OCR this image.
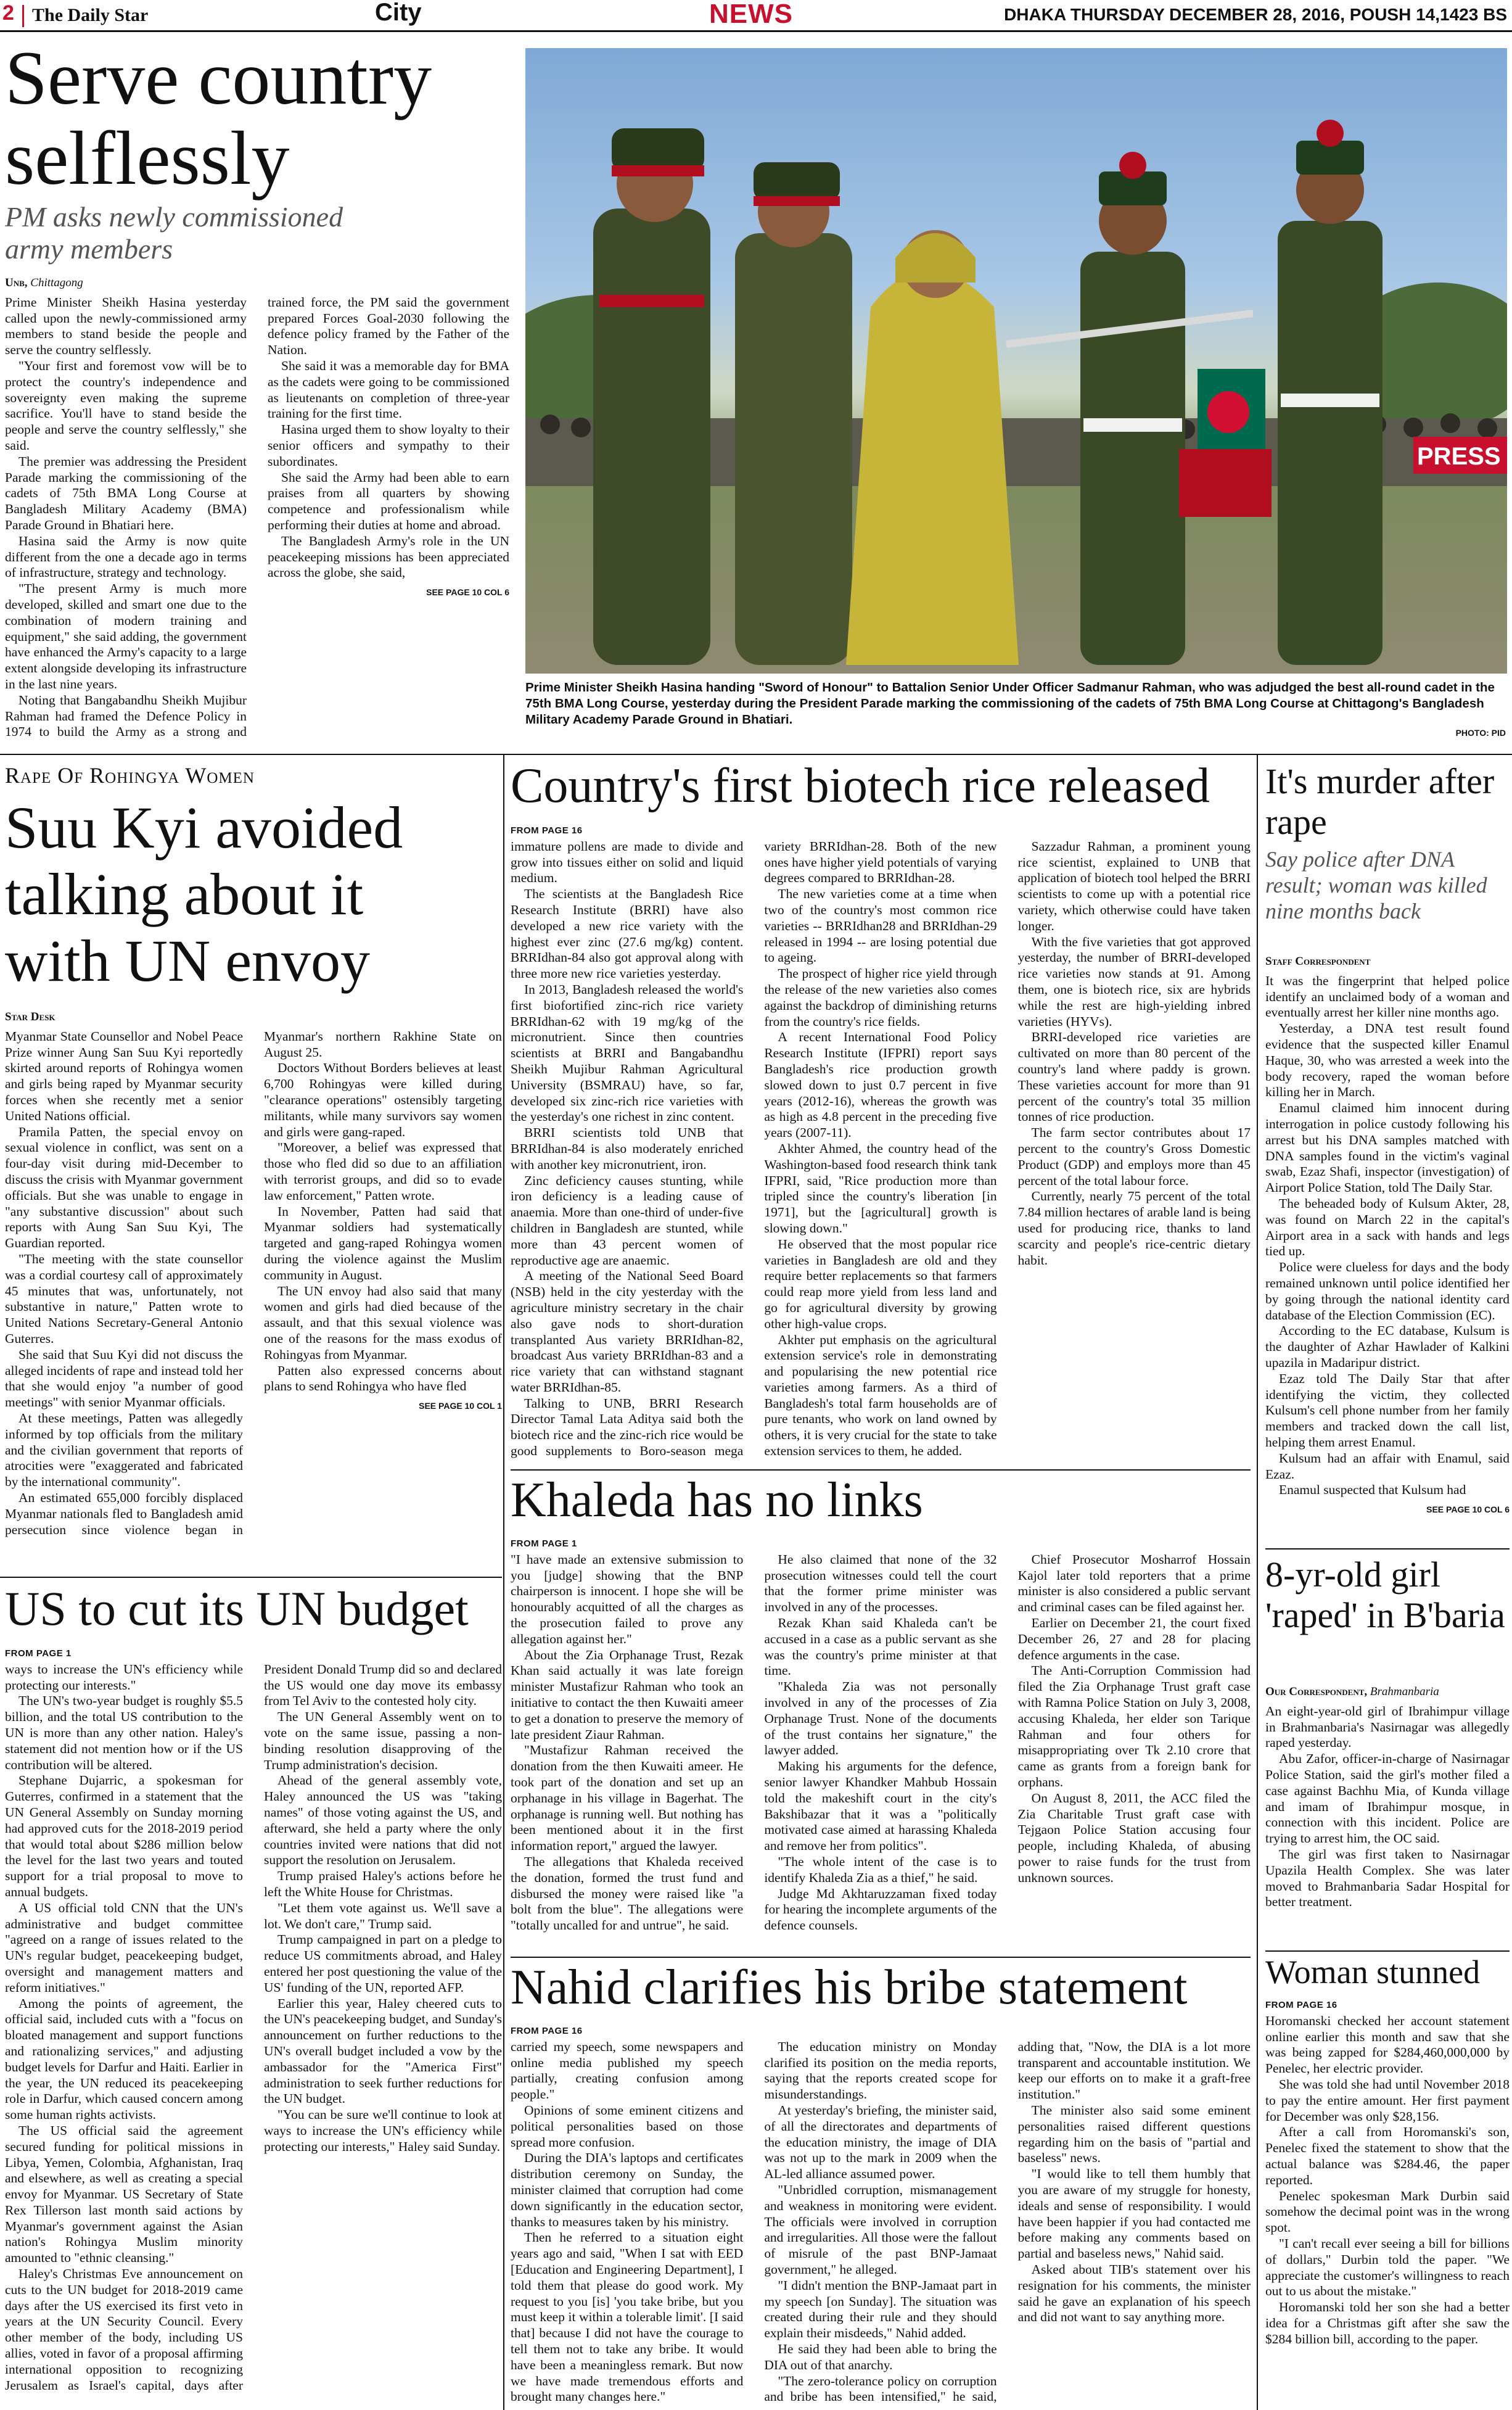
2 The Daily Star	City	NEWS	DHAKA THURSDAY DECEMBER 28, 2016, POUSH 14,1423 BS
Serve country selflessly
PM asks newly commissioned army members
Unb, Chittagong

Prime Minister Sheikh Hasina yesterday called upon the newly-commissioned army members to stand beside the people and serve the country selflessly.

"Your first and foremost vow will be to protect the country's independence and sovereignty even making the supreme sacrifice. You'll have to stand beside the people and serve the country selflessly," she said.

The premier was addressing the President Parade marking the commissioning of the cadets of 75th BMA Long Course at Bangladesh Military Academy (BMA) Parade Ground in Bhatiari here.

Hasina said the Army is now quite different from the one a decade ago in terms of infrastructure, strategy and technology.

"The present Army is much more developed, skilled and smart one due to the combination of modern training and equipment," she said adding, the government have enhanced the Army's capacity to a large extent alongside developing its infrastructure in the last nine years.

Noting that Bangabandhu Sheikh Mujibur Rahman had framed the Defence Policy in 1974 to build the Army as a strong and trained force, the PM said the government prepared Forces Goal-2030 following the defence policy framed by the Father of the Nation.

She said it was a memorable day for BMA as the cadets were going to be commissioned as lieutenants on completion of three-year training for the first time.

Hasina urged them to show loyalty to their senior officers and sympathy to their subordinates.

She said the Army had been able to earn praises from all quarters by showing competence and professionalism while performing their duties at home and abroad.

The Bangladesh Army's role in the UN peacekeeping missions has been appreciated across the globe, she said,

SEE PAGE 10 COL 6
PRESS
Prime Minister Sheikh Hasina handing "Sword of Honour" to Battalion Senior Under Officer Sadmanur Rahman, who was adjudged the best all-round cadet in the 75th BMA Long Course, yesterday during the President Parade marking the commissioning of the cadets of 75th BMA Long Course at Chittagong's Bangladesh Military Academy Parade Ground in Bhatiari.
PHOTO: PID
Rape Of Rohingya Women
Suu Kyi avoided talking about it with UN envoy
Star Desk

Myanmar State Counsellor and Nobel Peace Prize winner Aung San Suu Kyi reportedly skirted around reports of Rohingya women and girls being raped by Myanmar security forces when she recently met a senior United Nations official.

Pramila Patten, the special envoy on sexual violence in conflict, was sent on a four-day visit during mid-December to discuss the crisis with Myanmar government officials. But she was unable to engage in "any substantive discussion" about such reports with Aung San Suu Kyi, The Guardian reported.

"The meeting with the state counsellor was a cordial courtesy call of approximately 45 minutes that was, unfortunately, not substantive in nature," Patten wrote to United Nations Secretary-General Antonio Guterres.

She said that Suu Kyi did not discuss the alleged incidents of rape and instead told her that she would enjoy "a number of good meetings" with senior Myanmar officials.

At these meetings, Patten was allegedly informed by top officials from the military and the civilian government that reports of atrocities were "exaggerated and fabricated by the international community".

An estimated 655,000 forcibly displaced Myanmar nationals fled to Bangladesh amid persecution since violence began in Myanmar's northern Rakhine State on August 25.

Doctors Without Borders believes at least 6,700 Rohingyas were killed during "clearance operations" ostensibly targeting militants, while many survivors say women and girls were gang-raped.

"Moreover, a belief was expressed that those who fled did so due to an affiliation with terrorist groups, and did so to evade law enforcement," Patten wrote.

In November, Patten had said that Myanmar soldiers had systematically targeted and gang-raped Rohingya women during the violence against the Muslim community in August.

The UN envoy had also said that many women and girls had died because of the assault, and that this sexual violence was one of the reasons for the mass exodus of Rohingyas from Myanmar.

Patten also expressed concerns about plans to send Rohingya who have fled

SEE PAGE 10 COL 1
US to cut its UN budget
FROM PAGE 1

ways to increase the UN's efficiency while protecting our interests."

The UN's two-year budget is roughly $5.5 billion, and the total US contribution to the UN is more than any other nation. Haley's statement did not mention how or if the US contribution will be altered.

Stephane Dujarric, a spokesman for Guterres, confirmed in a statement that the UN General Assembly on Sunday morning had approved cuts for the 2018-2019 period that would total about $286 million below the level for the last two years and touted support for a trial proposal to move to annual budgets.

A US official told CNN that the UN's administrative and budget committee "agreed on a range of issues related to the UN's regular budget, peacekeeping budget, oversight and management matters and reform initiatives."

Among the points of agreement, the official said, included cuts with a "focus on bloated management and support functions and rationalizing services," and adjusting budget levels for Darfur and Haiti. Earlier in the year, the UN reduced its peacekeeping role in Darfur, which caused concern among some human rights activists.

The US official said the agreement secured funding for political missions in Libya, Yemen, Colombia, Afghanistan, Iraq and elsewhere, as well as creating a special envoy for Myanmar. US Secretary of State Rex Tillerson last month said actions by Myanmar's government against the Asian nation's Rohingya Muslim minority amounted to "ethnic cleansing."

Haley's Christmas Eve announcement on cuts to the UN budget for 2018-2019 came days after the US exercised its first veto in years at the UN Security Council. Every other member of the body, including US allies, voted in favor of a proposal affirming international opposition to recognizing Jerusalem as Israel's capital, days after President Donald Trump did so and declared the US would one day move its embassy from Tel Aviv to the contested holy city.

The UN General Assembly went on to vote on the same issue, passing a non-binding resolution disapproving of the Trump administration's decision.

Ahead of the general assembly vote, Haley announced the US was "taking names" of those voting against the US, and afterward, she held a party where the only countries invited were nations that did not support the resolution on Jerusalem.

Trump praised Haley's actions before he left the White House for Christmas.

"Let them vote against us. We'll save a lot. We don't care," Trump said.

Trump campaigned in part on a pledge to reduce US commitments abroad, and Haley entered her post questioning the value of the US' funding of the UN, reported AFP.

Earlier this year, Haley cheered cuts to the UN's peacekeeping budget, and Sunday's announcement on further reductions to the UN's overall budget included a vow by the ambassador for the "America First" administration to seek further reductions for the UN budget.

"You can be sure we'll continue to look at ways to increase the UN's efficiency while protecting our interests," Haley said Sunday.

Country's first biotech rice released
FROM PAGE 16

immature pollens are made to divide and grow into tissues either on solid and liquid medium.

The scientists at the Bangladesh Rice Research Institute (BRRI) have also developed a new rice variety with the highest ever zinc (27.6 mg/kg) content. BRRIdhan-84 also got approval along with three more new rice varieties yesterday.

In 2013, Bangladesh released the world's first biofortified zinc-rich rice variety BRRIdhan-62 with 19 mg/kg of the micronutrient. Since then countries scientists at BRRI and Bangabandhu Sheikh Mujibur Rahman Agricultural University (BSMRAU) have, so far, developed six zinc-rich rice varieties with the yesterday's one richest in zinc content.

BRRI scientists told UNB that BRRIdhan-84 is also moderately enriched with another key micronutrient, iron.

Zinc deficiency causes stunting, while iron deficiency is a leading cause of anaemia. More than one-third of under-five children in Bangladesh are stunted, while more than 43 percent women of reproductive age are anaemic.

A meeting of the National Seed Board (NSB) held in the city yesterday with the agriculture ministry secretary in the chair also gave nods to short-duration transplanted Aus variety BRRIdhan-82, broadcast Aus variety BRRIdhan-83 and a rice variety that can withstand stagnant water BRRIdhan-85.

Talking to UNB, BRRI Research Director Tamal Lata Aditya said both the biotech rice and the zinc-rich rice would be good supplements to Boro-season mega variety BRRIdhan-28. Both of the new ones have higher yield potentials of varying degrees compared to BRRIdhan-28.

The new varieties come at a time when two of the country's most common rice varieties -- BRRIdhan28 and BRRIdhan-29 released in 1994 -- are losing potential due to ageing.

The prospect of higher rice yield through the release of the new varieties also comes against the backdrop of diminishing returns from the country's rice fields.

A recent International Food Policy Research Institute (IFPRI) report says Bangladesh's rice production growth slowed down to just 0.7 percent in five years (2012-16), whereas the growth was as high as 4.8 percent in the preceding five years (2007-11).

Akhter Ahmed, the country head of the Washington-based food research think tank IFPRI, said, "Rice production more than tripled since the country's liberation [in 1971], but the [agricultural] growth is slowing down."

He observed that the most popular rice varieties in Bangladesh are old and they require better replacements so that farmers could reap more yield from less land and go for agricultural diversity by growing other high-value crops.

Akhter put emphasis on the agricultural extension service's role in demonstrating and popularising the new potential rice varieties among farmers. As a third of Bangladesh's total farm households are of pure tenants, who work on land owned by others, it is very crucial for the state to take extension services to them, he added.

Sazzadur Rahman, a prominent young rice scientist, explained to UNB that application of biotech tool helped the BRRI scientists to come up with a potential rice variety, which otherwise could have taken longer.

With the five varieties that got approved yesterday, the number of BRRI-developed rice varieties now stands at 91. Among them, one is biotech rice, six are hybrids while the rest are high-yielding inbred varieties (HYVs).

BRRI-developed rice varieties are cultivated on more than 80 percent of the country's land where paddy is grown. These varieties account for more than 91 percent of the country's total 35 million tonnes of rice production.

The farm sector contributes about 17 percent to the country's Gross Domestic Product (GDP) and employs more than 45 percent of the total labour force.

Currently, nearly 75 percent of the total 7.84 million hectares of arable land is being used for producing rice, thanks to land scarcity and people's rice-centric dietary habit.

Khaleda has no links
FROM PAGE 1

"I have made an extensive submission to you [judge] showing that the BNP chairperson is innocent. I hope she will be honourably acquitted of all the charges as the prosecution failed to prove any allegation against her."

About the Zia Orphanage Trust, Rezak Khan said actually it was late foreign minister Mustafizur Rahman who took an initiative to contact the then Kuwaiti ameer to get a donation to preserve the memory of late president Ziaur Rahman.

"Mustafizur Rahman received the donation from the then Kuwaiti ameer. He took part of the donation and set up an orphanage in his village in Bagerhat. The orphanage is running well. But nothing has been mentioned about it in the first information report," argued the lawyer.

The allegations that Khaleda received the donation, formed the trust fund and disbursed the money were raised like "a bolt from the blue". The allegations were "totally uncalled for and untrue", he said.

He also claimed that none of the 32 prosecution witnesses could tell the court that the former prime minister was involved in any of the processes.

Rezak Khan said Khaleda can't be accused in a case as a public servant as she was the country's prime minister at that time.

"Khaleda Zia was not personally involved in any of the processes of Zia Orphanage Trust. None of the documents of the trust contains her signature," the lawyer added.

Making his arguments for the defence, senior lawyer Khandker Mahbub Hossain told the makeshift court in the city's Bakshibazar that it was a "politically motivated case aimed at harassing Khaleda and remove her from politics".

"The whole intent of the case is to identify Khaleda Zia as a thief," he said.

Judge Md Akhtaruzzaman fixed today for hearing the incomplete arguments of the defence counsels.

Chief Prosecutor Mosharrof Hossain Kajol later told reporters that a prime minister is also considered a public servant and criminal cases can be filed against her.

Earlier on December 21, the court fixed December 26, 27 and 28 for placing defence arguments in the case.

The Anti-Corruption Commission had filed the Zia Orphanage Trust graft case with Ramna Police Station on July 3, 2008, accusing Khaleda, her elder son Tarique Rahman and four others for misappropriating over Tk 2.10 crore that came as grants from a foreign bank for orphans.

On August 8, 2011, the ACC filed the Zia Charitable Trust graft case with Tejgaon Police Station accusing four people, including Khaleda, of abusing power to raise funds for the trust from unknown sources.

Nahid clarifies his bribe statement
FROM PAGE 16

carried my speech, some newspapers and online media published my speech partially, creating confusion among people."

Opinions of some eminent citizens and political personalities based on those spread more confusion.

During the DIA's laptops and certificates distribution ceremony on Sunday, the minister claimed that corruption had come down significantly in the education sector, thanks to measures taken by his ministry.

Then he referred to a situation eight years ago and said, "When I sat with EED [Education and Engineering Department], I told them that please do good work. My request to you [is] 'you take bribe, but you must keep it within a tolerable limit'. [I said that] because I did not have the courage to tell them not to take any bribe. It would have been a meaningless remark. But now we have made tremendous efforts and brought many changes here."

The education ministry on Monday clarified its position on the media reports, saying that the reports created scope for misunderstandings.

At yesterday's briefing, the minister said, of all the directorates and departments of the education ministry, the image of DIA was not up to the mark in 2009 when the AL-led alliance assumed power.

"Unbridled corruption, mismanagement and weakness in monitoring were evident. The officials were involved in corruption and irregularities. All those were the fallout of misrule of the past BNP-Jamaat government," he alleged.

"I didn't mention the BNP-Jamaat part in my speech [on Sunday]. The situation was created during their rule and they should explain their misdeeds," Nahid added.

He said they had been able to bring the DIA out of that anarchy.

"The zero-tolerance policy on corruption and bribe has been intensified," he said, adding that, "Now, the DIA is a lot more transparent and accountable institution. We keep our efforts on to make it a graft-free institution."

The minister also said some eminent personalities raised different questions regarding him on the basis of "partial and baseless" news.

"I would like to tell them humbly that you are aware of my struggle for honesty, ideals and sense of responsibility. I would have been happier if you had contacted me before making any comments based on partial and baseless news," Nahid said.

Asked about TIB's statement over his resignation for his comments, the minister said he gave an explanation of his speech and did not want to say anything more.

It's murder after rape
Say police after DNA result; woman was killed nine months back
Staff Correspondent

It was the fingerprint that helped police identify an unclaimed body of a woman and eventually arrest her killer nine months ago.

Yesterday, a DNA test result found evidence that the suspected killer Enamul Haque, 30, who was arrested a week into the body recovery, raped the woman before killing her in March.

Enamul claimed him innocent during interrogation in police custody following his arrest but his DNA samples matched with DNA samples found in the victim's vaginal swab, Ezaz Shafi, inspector (investigation) of Airport Police Station, told The Daily Star.

The beheaded body of Kulsum Akter, 28, was found on March 22 in the capital's Airport area in a sack with hands and legs tied up.

Police were clueless for days and the body remained unknown until police identified her by going through the national identity card database of the Election Commission (EC).

According to the EC database, Kulsum is the daughter of Azhar Hawlader of Kalkini upazila in Madaripur district.

Ezaz told The Daily Star that after identifying the victim, they collected Kulsum's cell phone number from her family members and tracked down the call list, helping them arrest Enamul.

Kulsum had an affair with Enamul, said Ezaz.

Enamul suspected that Kulsum had

SEE PAGE 10 COL 6
8-yr-old girl 'raped' in B'baria
Our Correspondent, Brahmanbaria

An eight-year-old girl of Ibrahimpur village in Brahmanbaria's Nasirnagar was allegedly raped yesterday.

Abu Zafor, officer-in-charge of Nasirnagar Police Station, said the girl's mother filed a case against Bachhu Mia, of Kunda village and imam of Ibrahimpur mosque, in connection with this incident. Police are trying to arrest him, the OC said.

The girl was first taken to Nasirnagar Upazila Health Complex. She was later moved to Brahmanbaria Sadar Hospital for better treatment.

Woman stunned
FROM PAGE 16

Horomanski checked her account statement online earlier this month and saw that she was being zapped for $284,460,000,000 by Penelec, her electric provider.

She was told she had until November 2018 to pay the entire amount. Her first payment for December was only $28,156.

After a call from Horomanski's son, Penelec fixed the statement to show that the actual balance was $284.46, the paper reported.

Penelec spokesman Mark Durbin said somehow the decimal point was in the wrong spot.

"I can't recall ever seeing a bill for billions of dollars," Durbin told the paper. "We appreciate the customer's willingness to reach out to us about the mistake."

Horomanski told her son she had a better idea for a Christmas gift after she saw the $284 billion bill, according to the paper.
